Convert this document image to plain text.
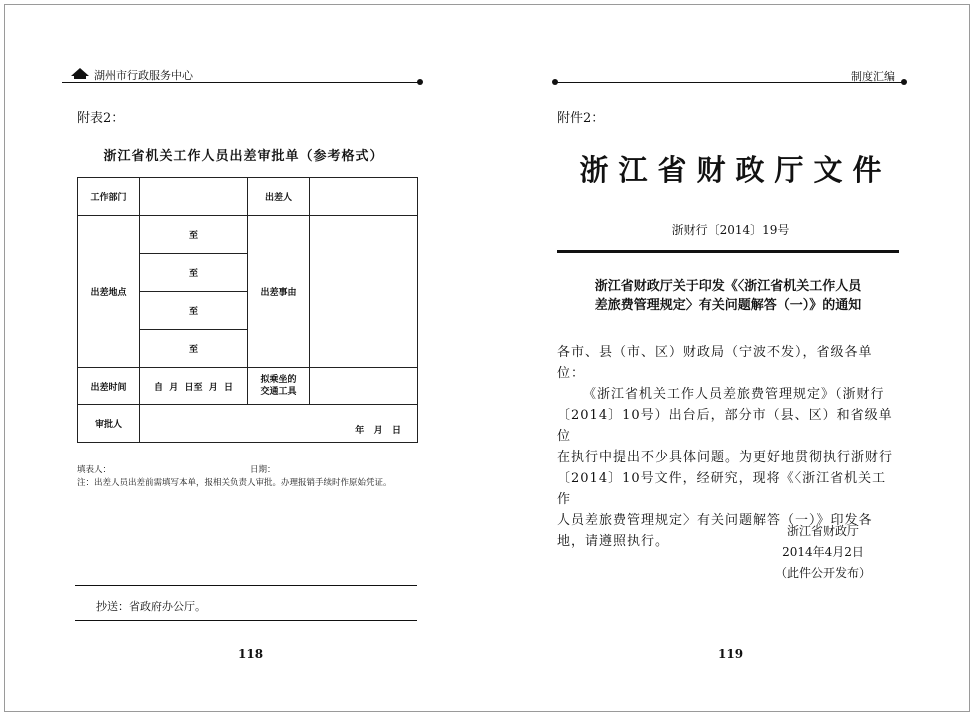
湖州市行政服务中心
附表2：
浙江省机关工作人员出差审批单（参考格式）
工作部门		出差人	
出差地点	至	出差事由	
	至		
	至		
	至		
出差时间	自  月  日至  月  日	拟乘坐的交通工具	
审批人	年   月   日		
填表人：	日期：
注：出差人员出差前需填写本单，报相关负责人审批。办理报销手续时作原始凭证。
抄送：省政府办公厅。
118
制度汇编
附件2：
浙江省财政厅文件
浙财行〔2014〕19号
浙江省财政厅关于印发《〈浙江省机关工作人员
差旅费管理规定〉有关问题解答（一）》的通知
各市、县（市、区）财政局（宁波不发），省级各单
位：
《浙江省机关工作人员差旅费管理规定》（浙财行
〔2014〕10号）出台后，部分市（县、区）和省级单位
在执行中提出不少具体问题。为更好地贯彻执行浙财行
〔2014〕10号文件，经研究，现将《〈浙江省机关工作
人员差旅费管理规定〉有关问题解答（一）》印发各
地，请遵照执行。
浙江省财政厅
2014年4月2日
（此件公开发布）
119
